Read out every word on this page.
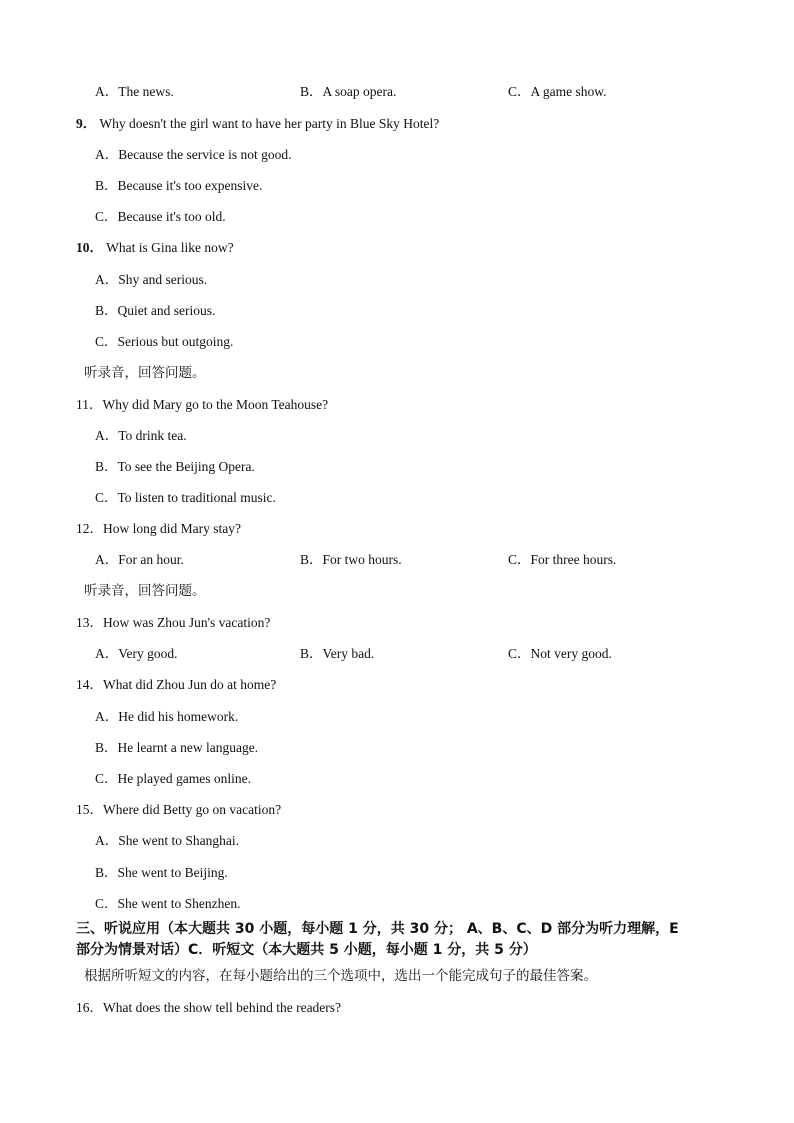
A．The news.	B．A soap opera.	C．A game show.
9． Why doesn't the girl want to have her party in Blue Sky Hotel?
A．Because the service is not good.
B．Because it's too expensive.
C．Because it's too old.
10． What is Gina like now?
A．Shy and serious.
B．Quiet and serious.
C．Serious but outgoing.
听录音，回答问题。
11．Why did Mary go to the Moon Teahouse?
A．To drink tea.
B．To see the Beijing Opera.
C．To listen to traditional music.
12．How long did Mary stay?
A．For an hour.	B．For two hours.	C．For three hours.
听录音，回答问题。
13．How was Zhou Jun's vacation?
A．Very good.	B．Very bad.	C．Not very good.
14．What did Zhou Jun do at home?
A．He did his homework.
B．He learnt a new language.
C．He played games online.
15．Where did Betty go on vacation?
A．She went to Shanghai.
B．She went to Beijing.
C．She went to Shenzhen.
三、听说应用（本大题共 30 小题，每小题 1 分，共 30 分； A、B、C、D 部分为听力理解，E
部分为情景对话）C．听短文（本大题共 5 小题，每小题 1 分，共 5 分）
根据所听短文的内容，在每小题给出的三个选项中，选出一个能完成句子的最佳答案。
16．What does the show tell behind the readers?
